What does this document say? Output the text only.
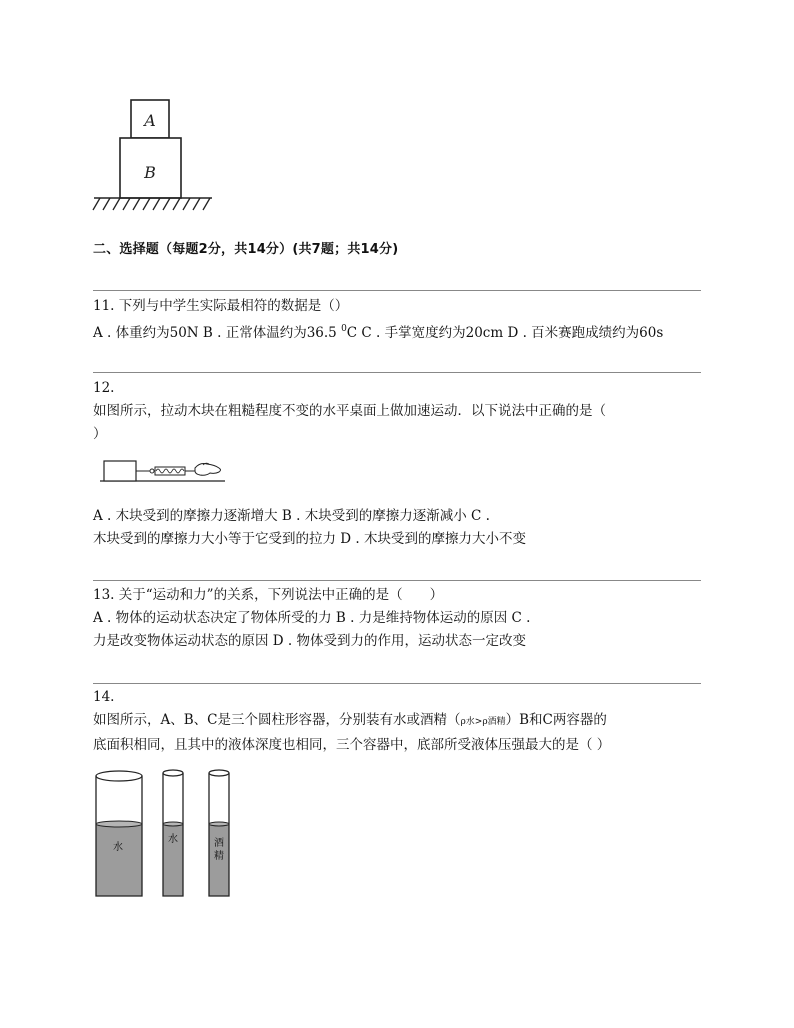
A
B
二、选择题（每题2分，共14分）(共7题；共14分)

11. 下列与中学生实际最相符的数据是（）

A . 体重约为50N B . 正常体温约为36.5 $^0$C C . 手掌宽度约为20cm D . 百米赛跑成绩约为60s

12.

如图所示，拉动木块在粗糙程度不变的水平桌面上做加速运动．以下说法中正确的是（

）

A . 木块受到的摩擦力逐渐增大 B . 木块受到的摩擦力逐渐减小 C .

木块受到的摩擦力大小等于它受到的拉力 D . 木块受到的摩擦力大小不变

13. 关于“运动和力”的关系，下列说法中正确的是（　　）

A . 物体的运动状态决定了物体所受的力 B . 力是维持物体运动的原因 C .

力是改变物体运动状态的原因 D . 物体受到力的作用，运动状态一定改变

14.

如图所示，A、B、C是三个圆柱形容器，分别装有水或酒精（ρ水>ρ酒精）B和C两容器的

底面积相同，且其中的液体深度也相同，三个容器中，底部所受液体压强最大的是（ ）

水
水	酒
精
